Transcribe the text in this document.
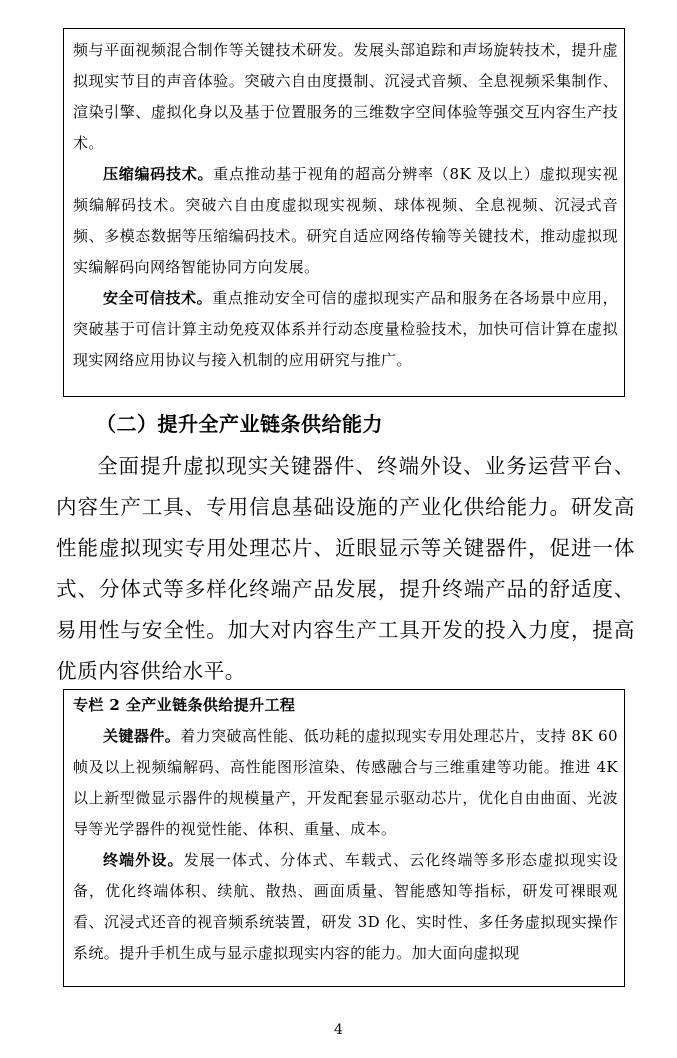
频与平面视频混合制作等关键技术研发。发展头部追踪和声场旋转技术，提升虚拟现实节目的声音体验。突破六自由度摄制、沉浸式音频、全息视频采集制作、渲染引擎、虚拟化身以及基于位置服务的三维数字空间体验等强交互内容生产技术。

压缩编码技术。重点推动基于视角的超高分辨率（8K 及以上）虚拟现实视频编解码技术。突破六自由度虚拟现实视频、球体视频、全息视频、沉浸式音频、多模态数据等压缩编码技术。研究自适应网络传输等关键技术，推动虚拟现实编解码向网络智能协同方向发展。

安全可信技术。重点推动安全可信的虚拟现实产品和服务在各场景中应用，突破基于可信计算主动免疫双体系并行动态度量检验技术，加快可信计算在虚拟现实网络应用协议与接入机制的应用研究与推广。

（二）提升全产业链条供给能力

全面提升虚拟现实关键器件、终端外设、业务运营平台、内容生产工具、专用信息基础设施的产业化供给能力。研发高性能虚拟现实专用处理芯片、近眼显示等关键器件，促进一体式、分体式等多样化终端产品发展，提升终端产品的舒适度、易用性与安全性。加大对内容生产工具开发的投入力度，提高优质内容供给水平。

专栏 2 全产业链条供给提升工程

关键器件。着力突破高性能、低功耗的虚拟现实专用处理芯片，支持 8K 60 帧及以上视频编解码、高性能图形渲染、传感融合与三维重建等功能。推进 4K 以上新型微显示器件的规模量产，开发配套显示驱动芯片，优化自由曲面、光波导等光学器件的视觉性能、体积、重量、成本。

终端外设。发展一体式、分体式、车载式、云化终端等多形态虚拟现实设备，优化终端体积、续航、散热、画面质量、智能感知等指标，研发可裸眼观看、沉浸式还音的视音频系统装置，研发 3D 化、实时性、多任务虚拟现实操作系统。提升手机生成与显示虚拟现实内容的能力。加大面向虚拟现

4
